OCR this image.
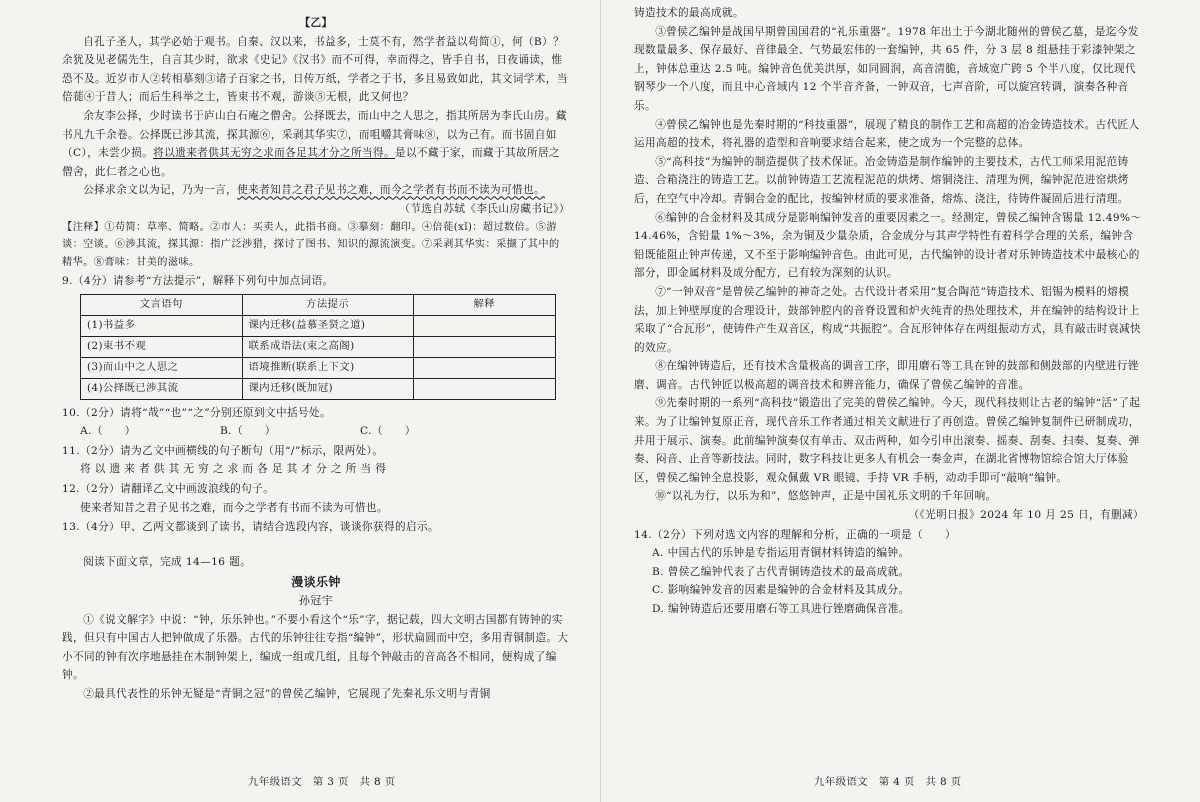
【乙】

自孔子圣人，其学必始于观书。自秦、汉以来，书益多，士莫不有，然学者益以苟简①，何（B）？余犹及见老儒先生，自言其少时，欲求《史记》《汉书》而不可得，幸而得之，皆手自书，日夜诵读，惟恐不及。近岁市人②转相摹刻③诸子百家之书，日传万纸，学者之于书，多且易致如此，其文词学术，当倍蓰④于昔人；而后生科举之士，皆束书不观，游谈⑤无根，此又何也？

余友李公择，少时读书于庐山白石庵之僧舍。公择既去，而山中之人思之，指其所居为李氏山房。藏书凡九千余卷。公择既已涉其流，探其源⑥，采剥其华实⑦，而咀嚼其膏味⑧，以为己有。而书固自如（C），未尝少损。将以遗来者供其无穷之求而各足其才分之所当得。是以不藏于家，而藏于其故所居之僧舍，此仁者之心也。

公择求余文以为记，乃为一言，使来者知昔之君子见书之难，而今之学者有书而不读为可惜也。

（节选自苏轼《李氏山房藏书记》）

【注释】①苟简：草率、简略。②市人：买卖人，此指书商。③摹刻：翻印。④倍蓰(xǐ)：超过数倍。⑤游谈：空谈。⑥涉其流，探其源：指广泛涉猎，探讨了图书、知识的源流演变。⑦采剥其华实：采撷了其中的精华。⑧膏味：甘美的滋味。

9.（4分）请参考“方法提示”，解释下列句中加点词语。

文言语句	方法提示	解释
(1)书益多	课内迁移(益慕圣贤之道)	
(2)束书不观	联系成语法(束之高阁)	
(3)而山中之人思之	语境推断(联系上下文)	
(4)公择既已涉其流	课内迁移(既加冠)	

10.（2分）请将“哉”“也”“之”分别还原到文中括号处。

A.（　　）	B.（　　）	C.（　　）

11.（2分）请为乙文中画横线的句子断句（用“/”标示，限两处）。

将 以 遗 来 者 供 其 无 穷 之 求 而 各 足 其 才 分 之 所 当 得

12.（2分）请翻译乙文中画波浪线的句子。

使来者知昔之君子见书之难，而今之学者有书而不读为可惜也。

13.（4分）甲、乙两文都谈到了读书，请结合选段内容，谈谈你获得的启示。

阅读下面文章，完成 14—16 题。

漫谈乐钟

孙冠宇

①《说文解字》中说：“钟，乐乐钟也。”不要小看这个“乐”字，据记载，四大文明古国都有铸钟的实践，但只有中国古人把钟做成了乐器。古代的乐钟往往专指“编钟”，形状扁圆而中空，多用青铜制造。大小不同的钟有次序地悬挂在木制钟架上，编成一组或几组，且每个钟敲击的音高各不相同，便构成了编钟。

②最具代表性的乐钟无疑是“青铜之冠”的曾侯乙编钟，它展现了先秦礼乐文明与青铜

九年级语文　第 3 页　共 8 页

铸造技术的最高成就。

③曾侯乙编钟是战国早期曾国国君的“礼乐重器”。1978 年出土于今湖北随州的曾侯乙墓，是迄今发现数量最多、保存最好、音律最全、气势最宏伟的一套编钟，共 65 件，分 3 层 8 组悬挂于彩漆钟架之上，钟体总重达 2.5 吨。编钟音色优美洪厚，如同圆润，高音清脆，音域宽广跨 5 个半八度，仅比现代钢琴少一个八度，而且中心音域内 12 个半音齐备，一钟双音，七声音阶，可以旋宫转调，演奏各种音乐。

④曾侯乙编钟也是先秦时期的“科技重器”，展现了精良的制作工艺和高超的冶金铸造技术。古代匠人运用高超的技术，将礼器的造型和音响要求结合起来，使之成为一个完整的总体。

⑤“高科技”为编钟的制造提供了技术保证。冶金铸造是制作编钟的主要技术，古代工师采用泥范铸造、合箱浇注的铸造工艺。以前钟铸造工艺流程泥范的烘烤、熔铜浇注、清理为例，编钟泥范进窑烘烤后，在空气中冷却。青铜合金的配比，按编钟材质的要求准备，熔炼、浇注，待铸件凝固后进行清理。

⑥编钟的合金材料及其成分是影响编钟发音的重要因素之一。经测定，曾侯乙编钟含锡量 12.49%～14.46%，含铅量 1%～3%，余为铜及少量杂质，合金成分与其声学特性有着科学合理的关系，编钟含铅既能阻止钟声传递，又不至于影响编钟音色。由此可见，古代编钟的设计者对乐钟铸造技术中最核心的部分，即金属材料及成分配方，已有较为深刻的认识。

⑦“一钟双音”是曾侯乙编钟的神奇之处。古代设计者采用“复合陶范”铸造技术、铝锡为模料的熔模法，加上钟壁厚度的合理设计，鼓部钟腔内的音脊设置和炉火纯青的热处理技术，并在编钟的结构设计上采取了“合瓦形”，使铸件产生双音区，构成“共振腔”。合瓦形钟体存在两组振动方式，具有敲击时衰减快的效应。

⑧在编钟铸造后，还有技术含量极高的调音工序，即用磨石等工具在钟的鼓部和侧鼓部的内壁进行锉磨、调音。古代钟匠以极高超的调音技术和辨音能力，确保了曾侯乙编钟的音准。

⑨先秦时期的一系列“高科技”锻造出了完美的曾侯乙编钟。今天，现代科技则让古老的编钟“活”了起来。为了让编钟复原正音，现代音乐工作者通过相关文献进行了再创造。曾侯乙编钟复制件已研制成功，并用于展示、演奏。此前编钟演奏仅有单击、双击两种，如今引申出滚奏、摇奏、刮奏、扫奏、复奏、弹奏、闷音、止音等新技法。同时，数字科技让更多人有机会一奏金声，在湖北省博物馆综合馆大厅体验区，曾侯乙编钟全息投影，观众佩戴 VR 眼镜、手持 VR 手柄，动动手即可“敲响”编钟。

⑩“以礼为行，以乐为和”，悠悠钟声，正是中国礼乐文明的千年回响。

（《光明日报》2024 年 10 月 25 日，有删减）

14.（2分）下列对选文内容的理解和分析，正确的一项是（　　）

A. 中国古代的乐钟是专指运用青铜材料铸造的编钟。

B. 曾侯乙编钟代表了古代青铜铸造技术的最高成就。

C. 影响编钟发音的因素是编钟的合金材料及其成分。

D. 编钟铸造后还要用磨石等工具进行锉磨确保音准。

九年级语文　第 4 页　共 8 页
